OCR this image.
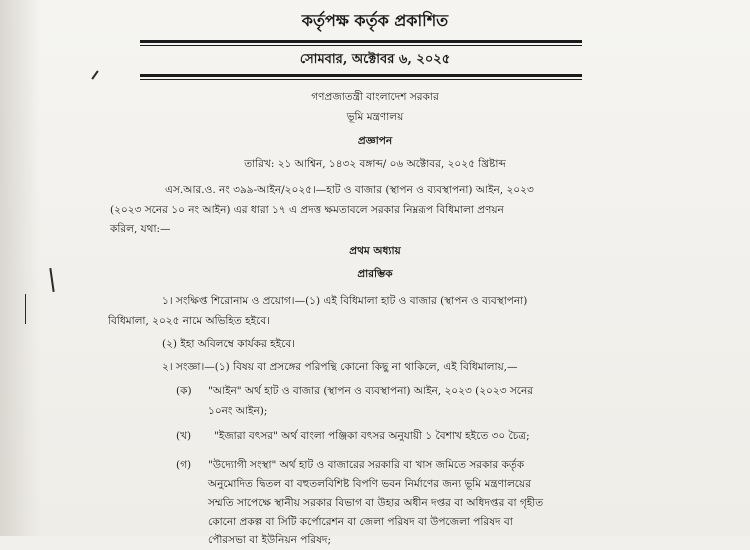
কর্তৃপক্ষ কর্তৃক প্রকাশিত
সোমবার, অক্টোবর ৬, ২০২৫
গণপ্রজাতন্ত্রী বাংলাদেশ সরকার
ভূমি মন্ত্রণালয়
প্রজ্ঞাপন
তারিখ: ২১ আশ্বিন, ১৪৩২ বঙ্গাব্দ/ ০৬ অক্টোবর, ২০২৫ খ্রিষ্টাব্দ
এস.আর.ও. নং ৩৯৯-আইন/২০২৫।—হাট ও বাজার (স্থাপন ও ব্যবস্থাপনা) আইন, ২০২৩
(২০২৩ সনের ১০ নং আইন) এর ধারা ১৭ এ প্রদত্ত ক্ষমতাবলে সরকার নিম্নরূপ বিধিমালা প্রণয়ন
করিল, যথা:—
প্রথম অধ্যায়
প্রারম্ভিক
১। সংক্ষিপ্ত শিরোনাম ও প্রয়োগ।—(১) এই বিধিমালা হাট ও বাজার (স্থাপন ও ব্যবস্থাপনা)
বিধিমালা, ২০২৫ নামে অভিহিত হইবে।
(২) ইহা অবিলম্বে কার্যকর হইবে।
২। সংজ্ঞা।—(১) বিষয় বা প্রসঙ্গের পরিপন্থি কোনো কিছু না থাকিলে, এই বিধিমালায়,—
(ক) "আইন" অর্থ হাট ও বাজার (স্থাপন ও ব্যবস্থাপনা) আইন, ২০২৩ (২০২৩ সনের
১০নং আইন);
(খ) "ইজারা বৎসর" অর্থ বাংলা পঞ্জিকা বৎসর অনুযায়ী ১ বৈশাখ হইতে ৩০ চৈত্র;
(গ) "উদ্যোগী সংস্থা" অর্থ হাট ও বাজারের সরকারি বা খাস জমিতে সরকার কর্তৃক
অনুমোদিত দ্বিতল বা বহুতলবিশিষ্ট বিপণি ভবন নির্মাণের জন্য ভূমি মন্ত্রণালয়ের
সম্মতি সাপেক্ষে স্থানীয় সরকার বিভাগ বা উহার অধীন দপ্তর বা অধিদপ্তর বা গৃহীত
কোনো প্রকল্প বা সিটি কর্পোরেশন বা জেলা পরিষদ বা উপজেলা পরিষদ বা
পৌরসভা বা ইউনিয়ন পরিষদ;
